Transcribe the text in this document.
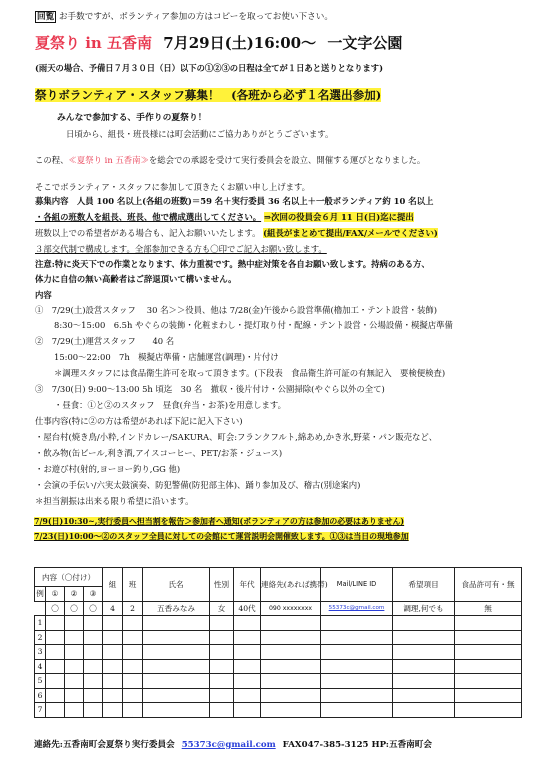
回覧 お手数ですが、ボランティア参加の方はコピーを取ってお使い下さい。
夏祭り in 五香南 7月29日(土)16:00～ 一文字公園
(雨天の場合、予備日７月３０日（日）以下の①②③の日程は全てが１日あと送りとなります)
祭りボランティア・スタッフ募集！　(各班から必ず１名選出参加)
みんなで参加する、手作りの夏祭り！
日頃から、組長・班長様には町会活動にご協力ありがとうございます。
この程、≪夏祭り in 五香南≫を総会での承認を受けて実行委員会を設立、開催する運びとなりました。
そこでボランティア・スタッフに参加して頂きたくお願い申し上げます。
募集内容　人員 100 名以上(各組の班数)＝59 名＋実行委員 36 名以上＋一般ボランティア約 10 名以上
・各組の班数人を組長、班長、他で構成選出してください。 ⇒次回の役員会６月 11 日(日)迄に提出
班数以上での希望者がある場合も、記入お願いいたします。 (組長がまとめて提出/FAX/メールでください)
３部交代制で構成します。全部参加できる方も〇印でご記入お願い致します。
注意:特に炎天下での作業となります、体力重視です。熱中症対策を各自お願い致します。持病のある方、
体力に自信の無い高齢者はご辞退頂いて構いません。
内容
①　7/29(土)設営スタッフ　 30 名＞＞役員、他は 7/28(金)午後から設営準備(櫓加工・テント設営・装飾)
8:30～15:00　6.5h やぐらの装飾・化粧まわし・提灯取り付・配線・テント設営・公場設備・模擬店準備
②　7/29(土)運営スタッフ　　40 名
15:00～22:00　7h　模擬店準備・店舗運営(調理)・片付け
＊調理スタッフには食品衛生許可を取って頂きます。(下段表　食品衛生許可証の有無記入　要検便検査)
③　7/30(日) 9:00～13:00 5h 頃迄　30 名　撤収・後片付け・公園掃除(やぐら以外の全て)
・昼食：①と②のスタッフ　昼食(弁当・お茶)を用意します。
仕事内容(特に②の方は希望があれば下記に記入下さい)
・屋台村(焼き鳥/小粋,インドカレー/SAKURA、町会:フランクフルト,綿あめ,かき氷,野菜・パン販売など、
・飲み物(缶ビール,利き酒,アイスコーヒー、PET/お茶・ジュース)
・お遊び村(射的,ヨーヨー釣り,GG 他)
・会演の手伝い/六実太鼓演奏、防犯警備(防犯部主体)、踊り参加及び、稽古(別途案内)
＊担当割振は出来る限り希望に沿います。
7/9(日)10:30~,実行委員へ担当割を報告＞参加者へ通知(ボランティアの方は参加の必要はありません)
7/23(日)10:00～②のスタッフ全員に対しての会館にて運営説明会開催致します。①③は当日の現地参加
内容（〇付け）				組	班	氏名	性別	年代	連絡先(あれば携帯)	Mail/LINE ID	希望項目	食品許可有・無
例	①	②	③									
	〇	〇	〇	4	2	五香みなみ	女	40代	090 xxxxxxxx	55373c@gmail.com	調理,何でも	無
1												
2												
3												
4												
5												
6												
7												
連絡先:五香南町会夏祭り実行委員会 55373c@gmail.com FAX047-385-3125 HP:五香南町会
